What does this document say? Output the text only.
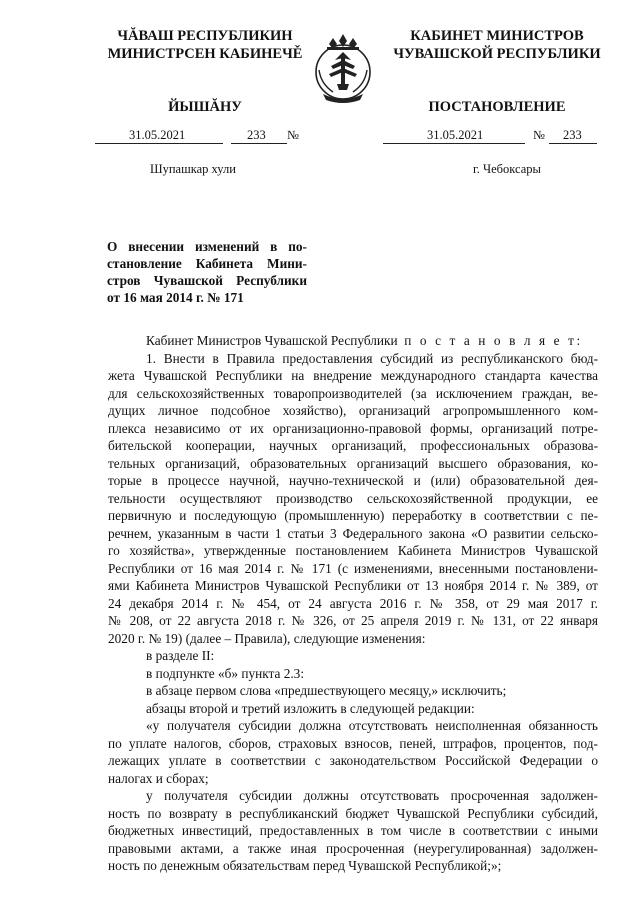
ЧĂВАШ РЕСПУБЛИКИН
МИНИСТРСЕН КАБИНЕЧĚ
ЙЫШĂНУ
КАБИНЕТ МИНИСТРОВ
ЧУВАШСКОЙ РЕСПУБЛИКИ
ПОСТАНОВЛЕНИЕ
31.05.2021	233 №	31.05.2021	№ 233
Шупашкар хули	г. Чебоксары
О внесении изменений в по-
становление Кабинета Мини-
стров Чувашской Республики
от 16 мая 2014 г. № 171
Кабинет Министров Чувашской Республики п о с т а н о в л я е т:
1. Внести в Правила предоставления субсидий из республиканского бюд-
жета Чувашской Республики на внедрение международного стандарта качества
для сельскохозяйственных товаропроизводителей (за исключением граждан, ве-
дущих личное подсобное хозяйство), организаций агропромышленного ком-
плекса независимо от их организационно-правовой формы, организаций потре-
бительской кооперации, научных организаций, профессиональных образова-
тельных организаций, образовательных организаций высшего образования, ко-
торые в процессе научной, научно-технической и (или) образовательной дея-
тельности осуществляют производство сельскохозяйственной продукции, ее
первичную и последующую (промышленную) переработку в соответствии с пе-
речнем, указанным в части 1 статьи 3 Федерального закона «О развитии сельско-
го хозяйства», утвержденные постановлением Кабинета Министров Чувашской
Республики от 16 мая 2014 г. № 171 (с изменениями, внесенными постановлени-
ями Кабинета Министров Чувашской Республики от 13 ноября 2014 г. № 389, от
24 декабря 2014 г. № 454, от 24 августа 2016 г. № 358, от 29 мая 2017 г.
№ 208, от 22 августа 2018 г. № 326, от 25 апреля 2019 г. № 131, от 22 января
2020 г. № 19) (далее – Правила), следующие изменения:
в разделе II:
в подпункте «б» пункта 2.3:
в абзаце первом слова «предшествующего месяцу,» исключить;
абзацы второй и третий изложить в следующей редакции:
«у получателя субсидии должна отсутствовать неисполненная обязанность
по уплате налогов, сборов, страховых взносов, пеней, штрафов, процентов, под-
лежащих уплате в соответствии с законодательством Российской Федерации о
налогах и сборах;
у получателя субсидии должны отсутствовать просроченная задолжен-
ность по возврату в республиканский бюджет Чувашской Республики субсидий,
бюджетных инвестиций, предоставленных в том числе в соответствии с иными
правовыми актами, а также иная просроченная (неурегулированная) задолжен-
ность по денежным обязательствам перед Чувашской Республикой;»;
